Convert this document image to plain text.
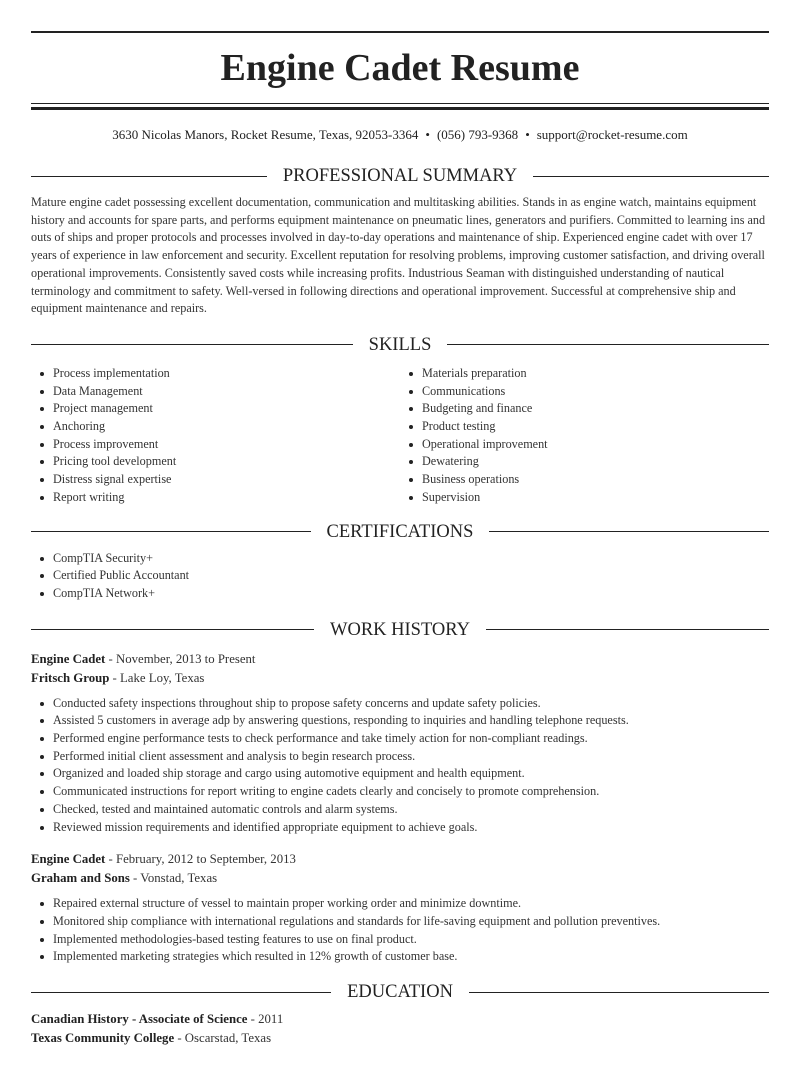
Engine Cadet Resume
3630 Nicolas Manors, Rocket Resume, Texas, 92053-3364 • (056) 793-9368 • support@rocket-resume.com
PROFESSIONAL SUMMARY

Mature engine cadet possessing excellent documentation, communication and multitasking abilities. Stands in as engine watch, maintains equipment history and accounts for spare parts, and performs equipment maintenance on pneumatic lines, generators and purifiers. Committed to learning ins and outs of ships and proper protocols and processes involved in day-to-day operations and maintenance of ship. Experienced engine cadet with over 17 years of experience in law enforcement and security. Excellent reputation for resolving problems, improving customer satisfaction, and driving overall operational improvements. Consistently saved costs while increasing profits. Industrious Seaman with distinguished understanding of nautical terminology and commitment to safety. Well-versed in following directions and operational improvement. Successful at comprehensive ship and equipment maintenance and repairs.

SKILLS
Process implementation
Data Management
Project management
Anchoring
Process improvement
Pricing tool development
Distress signal expertise
Report writing
Materials preparation
Communications
Budgeting and finance
Product testing
Operational improvement
Dewatering
Business operations
Supervision
CERTIFICATIONS
CompTIA Security+
Certified Public Accountant
CompTIA Network+
WORK HISTORY
Engine Cadet - November, 2013 to Present
Fritsch Group - Lake Loy, Texas
Conducted safety inspections throughout ship to propose safety concerns and update safety policies.
Assisted 5 customers in average adp by answering questions, responding to inquiries and handling telephone requests.
Performed engine performance tests to check performance and take timely action for non-compliant readings.
Performed initial client assessment and analysis to begin research process.
Organized and loaded ship storage and cargo using automotive equipment and health equipment.
Communicated instructions for report writing to engine cadets clearly and concisely to promote comprehension.
Checked, tested and maintained automatic controls and alarm systems.
Reviewed mission requirements and identified appropriate equipment to achieve goals.
Engine Cadet - February, 2012 to September, 2013
Graham and Sons - Vonstad, Texas
Repaired external structure of vessel to maintain proper working order and minimize downtime.
Monitored ship compliance with international regulations and standards for life-saving equipment and pollution preventives.
Implemented methodologies-based testing features to use on final product.
Implemented marketing strategies which resulted in 12% growth of customer base.
EDUCATION
Canadian History - Associate of Science - 2011
Texas Community College - Oscarstad, Texas
